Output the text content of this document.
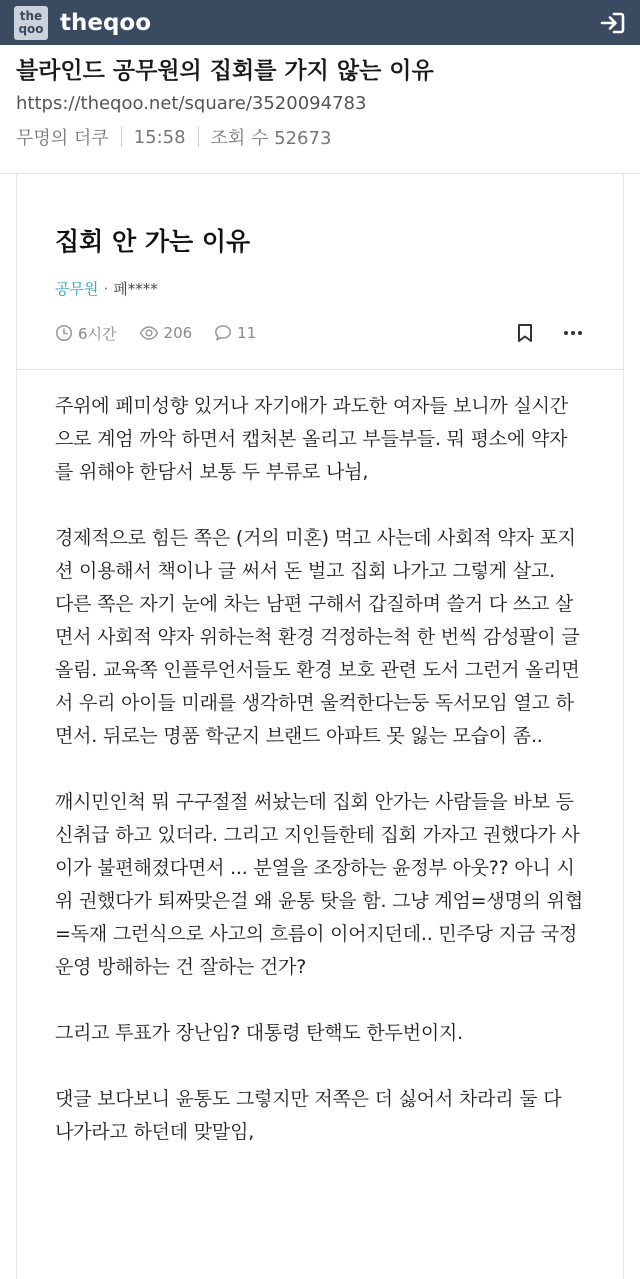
the
qoo theqoo
블라인드 공무원의 집회를 가지 않는 이유
https://theqoo.net/square/3520094783
무명의 더쿠 15:58 조회 수 52673
집회 안 가는 이유
공무원 · 페****
6시간	206	11

주위에 페미성향 있거나 자기애가 과도한 여자들 보니까 실시간으로 계엄 까악 하면서 캡처본 올리고 부들부들. 뭐 평소에 약자를 위해야 한담서 보통 두 부류로 나뉨,

경제적으로 힘든 쪽은 (거의 미혼) 먹고 사는데 사회적 약자 포지션 이용해서 책이나 글 써서 돈 벌고 집회 나가고 그렇게 살고.

다른 쪽은 자기 눈에 차는 남편 구해서 갑질하며 쓸거 다 쓰고 살면서 사회적 약자 위하는척 환경 걱정하는척 한 번씩 감성팔이 글 올림. 교육쪽 인플루언서들도 환경 보호 관련 도서 그런거 올리면서 우리 아이들 미래를 생각하면 울컥한다는둥 독서모임 열고 하면서. 뒤로는 명품 학군지 브랜드 아파트 못 잃는 모습이 좀..

깨시민인척 뭐 구구절절 써놨는데 집회 안가는 사람들을 바보 등신취급 하고 있더라. 그리고 지인들한테 집회 가자고 권했다가 사이가 불편해졌다면서 ... 분열을 조장하는 윤정부 아웃?? 아니 시위 권했다가 퇴짜맞은걸 왜 윤통 탓을 함. 그냥 계엄=생명의 위협=독재 그런식으로 사고의 흐름이 이어지던데.. 민주당 지금 국정운영 방해하는 건 잘하는 건가?

그리고 투표가 장난임? 대통령 탄핵도 한두번이지.

댓글 보다보니 윤통도 그렇지만 저쪽은 더 싫어서 차라리 둘 다 나가라고 하던데 맞말임,
